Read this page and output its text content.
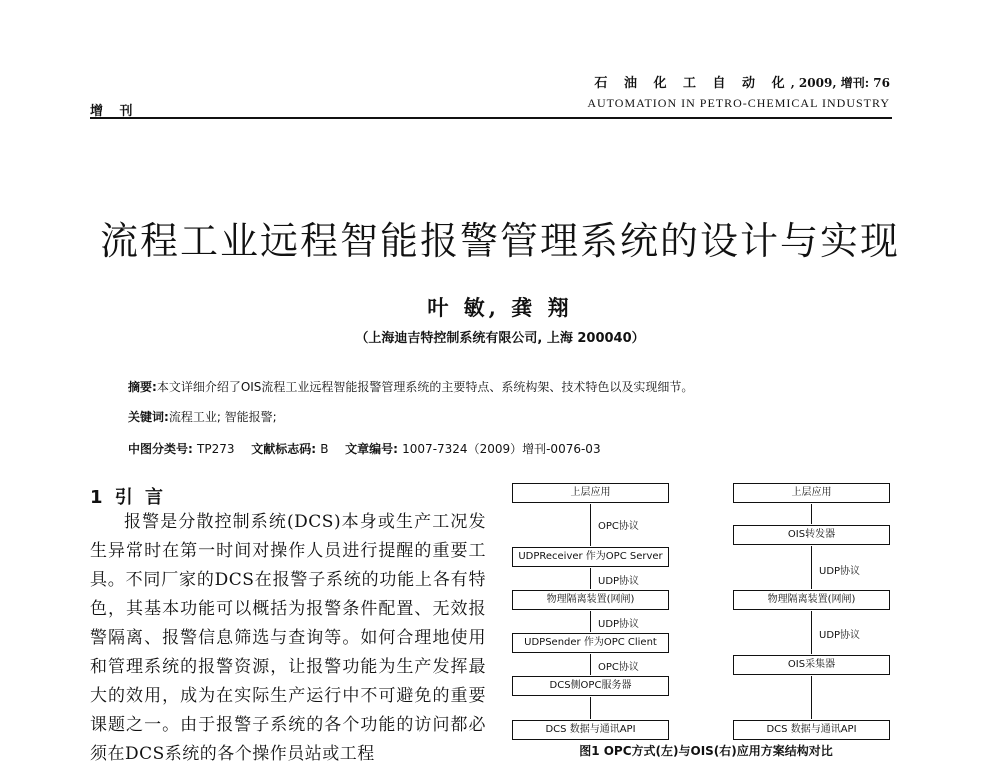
增 刊
石 油 化 工 自 动 化, 2009, 增刊: 76
AUTOMATION IN PETRO-CHEMICAL INDUSTRY
流程工业远程智能报警管理系统的设计与实现
叶 敏, 龚 翔
（上海迪吉特控制系统有限公司, 上海 200040）
摘要:本文详细介绍了OIS流程工业远程智能报警管理系统的主要特点、系统构架、技术特色以及实现细节。
关键词:流程工业; 智能报警;
中图分类号: TP273 文献标志码: B 文章编号: 1007-7324（2009）增刊-0076-03
1 引 言
报警是分散控制系统(DCS)本身或生产工况发生异常时在第一时间对操作人员进行提醒的重要工具。不同厂家的DCS在报警子系统的功能上各有特色，其基本功能可以概括为报警条件配置、无效报警隔离、报警信息筛选与查询等。如何合理地使用和管理系统的报警资源，让报警功能为生产发挥最大的效用，成为在实际生产运行中不可避免的重要课题之一。由于报警子系统的各个功能的访问都必须在DCS系统的各个操作员站或工程
上层应用
OPC协议
UDPReceiver 作为OPC Server
UDP协议
物理隔离装置(网闸)
UDP协议
UDPSender 作为OPC Client
OPC协议
DCS侧OPC服务器
DCS 数据与通讯API
上层应用
OIS转发器
UDP协议
物理隔离装置(网闸)
UDP协议
OIS采集器
DCS 数据与通讯API
图1 OPC方式(左)与OIS(右)应用方案结构对比
